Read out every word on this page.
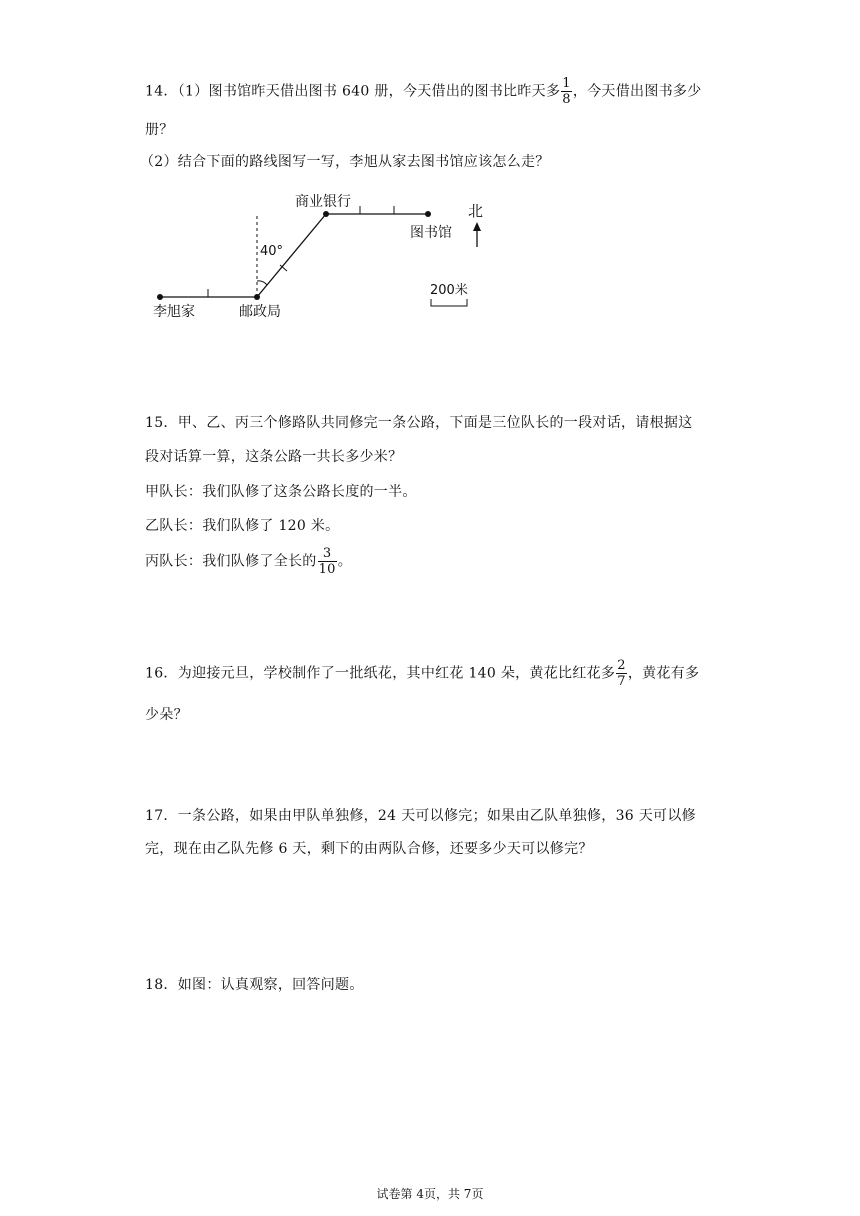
14．（1）图书馆昨天借出图书 640 册，今天借出的图书比昨天多 $\frac{1}{8}$ ，今天借出图书多少
册？
（2）结合下面的路线图写一写，李旭从家去图书馆应该怎么走？
商业银行
图书馆
李旭家	邮政局
40°
北
200米
15．甲、乙、丙三个修路队共同修完一条公路，下面是三位队长的一段对话，请根据这
段对话算一算，这条公路一共长多少米？
甲队长：我们队修了这条公路长度的一半。
乙队长：我们队修了 120 米。
丙队长：我们队修了全长的 $\frac{3}{10}$ 。
16．为迎接元旦，学校制作了一批纸花，其中红花 140 朵，黄花比红花多 $\frac{2}{7}$ ，黄花有多
少朵？
17．一条公路，如果由甲队单独修，24 天可以修完；如果由乙队单独修，36 天可以修
完，现在由乙队先修 6 天，剩下的由两队合修，还要多少天可以修完？
18．如图：认真观察，回答问题。
试卷第 4页，共 7页
